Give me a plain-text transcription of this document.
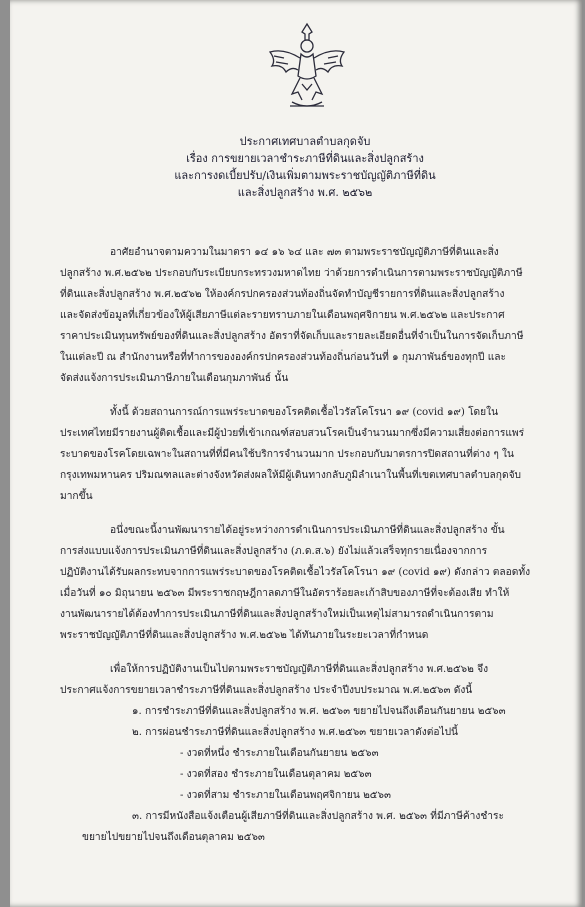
ประกาศเทศบาลตำบลกุดจับ
เรื่อง การขยายเวลาชำระภาษีที่ดินและสิ่งปลูกสร้าง
และการงดเบี้ยปรับ/เงินเพิ่มตามพระราชบัญญัติภาษีที่ดิน
และสิ่งปลูกสร้าง พ.ศ. ๒๕๖๒
อาศัยอำนาจตามความในมาตรา ๑๔ ๑๖ ๖๔ และ ๗๓ ตามพระราชบัญญัติภาษีที่ดินและสิ่ง
ปลูกสร้าง พ.ศ.๒๕๖๒ ประกอบกับระเบียบกระทรวงมหาดไทย ว่าด้วยการดำเนินการตามพระราชบัญญัติภาษี
ที่ดินและสิ่งปลูกสร้าง พ.ศ.๒๕๖๒ ให้องค์กรปกครองส่วนท้องถิ่นจัดทำบัญชีรายการที่ดินและสิ่งปลูกสร้าง
และจัดส่งข้อมูลที่เกี่ยวข้องให้ผู้เสียภาษีแต่ละรายทราบภายในเดือนพฤศจิกายน พ.ศ.๒๕๖๒ และประกาศ
ราคาประเมินทุนทรัพย์ของที่ดินและสิ่งปลูกสร้าง อัตราที่จัดเก็บและรายละเอียดอื่นที่จำเป็นในการจัดเก็บภาษี
ในแต่ละปี ณ สำนักงานหรือที่ทำการขององค์กรปกครองส่วนท้องถิ่นก่อนวันที่ ๑ กุมภาพันธ์ของทุกปี และ
จัดส่งแจ้งการประเมินภาษีภายในเดือนกุมภาพันธ์ นั้น
ทั้งนี้ ด้วยสถานการณ์การแพร่ระบาดของโรคติดเชื้อไวรัสโคโรนา ๑๙ (covid ๑๙) โดยใน
ประเทศไทยมีรายงานผู้ติดเชื้อและมีผู้ป่วยที่เข้าเกณฑ์สอบสวนโรคเป็นจำนวนมากซึ่งมีความเสี่ยงต่อการแพร่
ระบาดของโรคโดยเฉพาะในสถานที่ที่มีคนใช้บริการจำนวนมาก ประกอบกับมาตรการปิดสถานที่ต่าง ๆ ใน
กรุงเทพมหานคร ปริมณฑลและต่างจังหวัดส่งผลให้มีผู้เดินทางกลับภูมิลำเนาในพื้นที่เขตเทศบาลตำบลกุดจับ
มากขึ้น
อนึ่งขณะนี้งานพัฒนารายได้อยู่ระหว่างการดำเนินการประเมินภาษีที่ดินและสิ่งปลูกสร้าง ขั้น
การส่งแบบแจ้งการประเมินภาษีที่ดินและสิ่งปลูกสร้าง (ภ.ด.ส.๖) ยังไม่แล้วเสร็จทุกรายเนื่องจากการ
ปฏิบัติงานได้รับผลกระทบจากการแพร่ระบาดของโรคติดเชื้อไวรัสโคโรนา ๑๙ (covid ๑๙) ดังกล่าว ตลอดทั้ง
เมื่อวันที่ ๑๐ มิถุนายน ๒๕๖๓ มีพระราชกฤษฎีกาลดภาษีในอัตราร้อยละเก้าสิบของภาษีที่จะต้องเสีย ทำให้
งานพัฒนารายได้ต้องทำการประเมินภาษีที่ดินและสิ่งปลูกสร้างใหม่เป็นเหตุไม่สามารถดำเนินการตาม
พระราชบัญญัติภาษีที่ดินและสิ่งปลูกสร้าง พ.ศ.๒๕๖๒ ได้ทันภายในระยะเวลาที่กำหนด
เพื่อให้การปฏิบัติงานเป็นไปตามพระราชบัญญัติภาษีที่ดินและสิ่งปลูกสร้าง พ.ศ.๒๕๖๒ จึง
ประกาศแจ้งการขยายเวลาชำระภาษีที่ดินและสิ่งปลูกสร้าง ประจำปีงบประมาณ พ.ศ.๒๕๖๓ ดังนี้
๑. การชำระภาษีที่ดินและสิ่งปลูกสร้าง พ.ศ. ๒๕๖๓ ขยายไปจนถึงเดือนกันยายน ๒๕๖๓
๒. การผ่อนชำระภาษีที่ดินและสิ่งปลูกสร้าง พ.ศ.๒๕๖๓ ขยายเวลาดังต่อไปนี้
- งวดที่หนึ่ง ชำระภายในเดือนกันยายน ๒๕๖๓
- งวดที่สอง ชำระภายในเดือนตุลาคม ๒๕๖๓
- งวดที่สาม ชำระภายในเดือนพฤศจิกายน ๒๕๖๓
๓. การมีหนังสือแจ้งเตือนผู้เสียภาษีที่ดินและสิ่งปลูกสร้าง พ.ศ. ๒๕๖๓ ที่มีภาษีค้างชำระ
ขยายไปขยายไปจนถึงเดือนตุลาคม ๒๕๖๓
